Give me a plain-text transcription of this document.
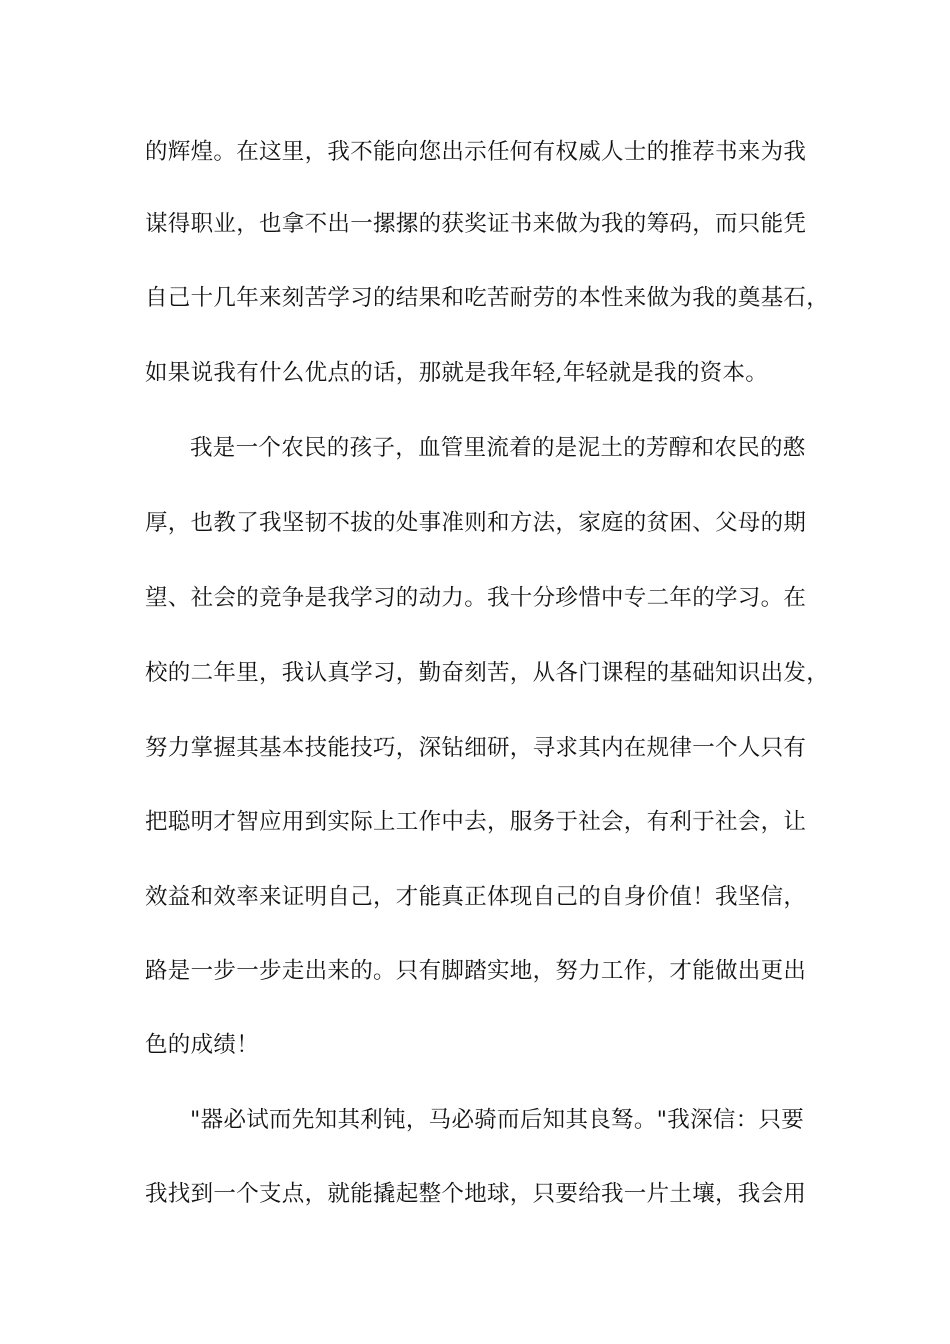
的辉煌。在这里，我不能向您出示任何有权威人士的推荐书来为我
谋得职业，也拿不出一摞摞的获奖证书来做为我的筹码，而只能凭
自己十几年来刻苦学习的结果和吃苦耐劳的本性来做为我的奠基石，
如果说我有什么优点的话，那就是我年轻,年轻就是我的资本。
我是一个农民的孩子，血管里流着的是泥土的芳醇和农民的憨
厚，也教了我坚韧不拔的处事准则和方法，家庭的贫困、父母的期
望、社会的竞争是我学习的动力。我十分珍惜中专二年的学习。在
校的二年里，我认真学习，勤奋刻苦，从各门课程的基础知识出发，
努力掌握其基本技能技巧，深钻细研，寻求其内在规律一个人只有
把聪明才智应用到实际上工作中去，服务于社会，有利于社会，让
效益和效率来证明自己，才能真正体现自己的自身价值！我坚信，
路是一步一步走出来的。只有脚踏实地，努力工作，才能做出更出
色的成绩！
"器必试而先知其利钝，马必骑而后知其良驽。"我深信：只要
我找到一个支点，就能撬起整个地球，只要给我一片土壤，我会用
